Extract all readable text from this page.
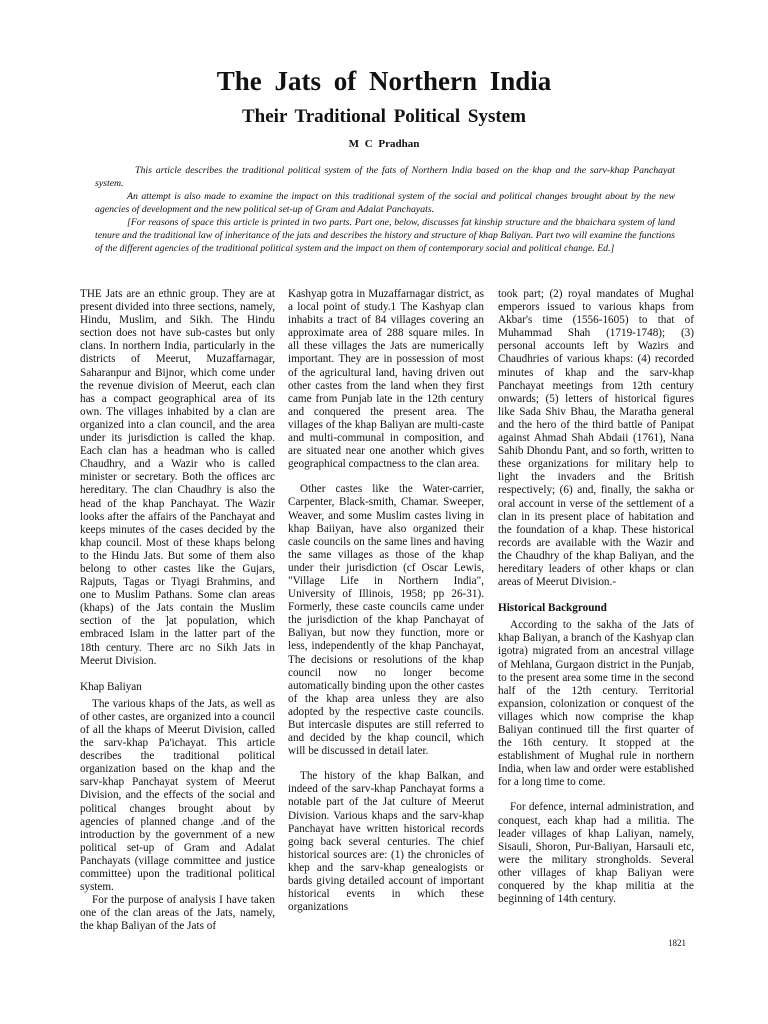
The Jats of Northern India
Their Traditional Political System
M C Pradhan

This article describes the traditional political system of the fats of Northern India based on the khap and the sarv-khap Panchayat system.

An attempt is also made to examine the impact on this traditional system of the social and political changes brought about by the new agencies of development and the new political set-up of Gram and Adalat Panchayats.

[For reasons of space this article is printed in two parts. Part one, below, discusses fat kinship structure and the bhaichara system of land tenure and the traditional law of inheritance of the jats and describes the history and structure of khap Baliyan. Part two will examine the functions of the different agencies of the traditional political system and the impact on them of contemporary social and political change. Ed.]

THE Jats are an ethnic group. They are at present divided into three sections, namely, Hindu, Muslim, and Sikh. The Hindu section does not have sub-castes but only clans. In northern India, particularly in the districts of Meerut, Muzaffarnagar, Saharanpur and Bijnor, which come under the revenue division of Meerut, each clan has a compact geographical area of its own. The villages inhabited by a clan are organized into a clan council, and the area under its jurisdiction is called the khap. Each clan has a headman who is called Chaudhry, and a Wazir who is called minister or secretary. Both the offices arc hereditary. The clan Chaudhry is also the head of the khap Panchayat. The Wazir looks after the affairs of the Panchayat and keeps minutes of the cases decided by the khap council. Most of these khaps belong to the Hindu Jats. But some of them also belong to other castes like the Gujars, Rajputs, Tagas or Tiyagi Brahmins, and one to Muslim Pathans. Some clan areas (khaps) of the Jats contain the Muslim section of the ]at population, which embraced Islam in the latter part of the 18th century. There arc no Sikh Jats in Meerut Division.

Khap Baliyan

The various khaps of the Jats, as well as of other castes, are organized into a council of all the khaps of Meerut Division, called the sarv-khap Pa'ichayat. This article describes the traditional political organization based on the khap and the sarv-khap Panchayat system of Meerut Division, and the effects of the social and political changes brought about by agencies of planned change .and of the introduction by the government of a new political set-up of Gram and Adalat Panchayats (village committee and justice committee) upon the traditional political system.

For the purpose of analysis I have taken one of the clan areas of the Jats, namely, the khap Baliyan of the Jats of

Kashyap gotra in Muzaffarnagar district, as a local point of study.1 The Kashyap clan inhabits a tract of 84 villages covering an approximate area of 288 square miles. In all these villages the Jats are numerically important. They are in possession of most of the agricultural land, having driven out other castes from the land when they first came from Punjab late in the 12th century and conquered the present area. The villages of the khap Baliyan are multi-caste and multi-communal in composition, and are situated near one another which gives geographical compactness to the clan area.

Other castes like the Water-carrier, Carpenter, Black-smith, Chamar. Sweeper, Weaver, and some Muslim castes living in khap Baiiyan, have also organized their casle councils on the same lines and having the same villages as those of the khap under their jurisdiction (cf Oscar Lewis, "Village Life in Northern India", University of Illinois, 1958; pp 26-31). Formerly, these caste councils came under the jurisdiction of the khap Panchayat of Baliyan, but now they function, more or less, independently of the khap Panchayat, The decisions or resolutions of the khap council now no longer become automatically binding upon the other castes of the khap area unless they are also adopted by the respective caste councils. But intercasle disputes are still referred to and decided by the khap council, which will be discussed in detail later.

The history of the khap Balkan, and indeed of the sarv-khap Panchayat forms a notable part of the Jat culture of Meerut Division. Various khaps and the sarv-khap Panchayat have written historical records going back several centuries. The chief historical sources are: (1) the chronicles of khep and the sarv-khap genealogists or bards giving detailed account of important historical events in which these organizations

took part; (2) royal mandates of Mughal emperors issued to various khaps from Akbar's time (1556-1605) to that of Muhammad Shah (1719-1748); (3) personal accounts left by Wazirs and Chaudhries of various khaps: (4) recorded minutes of khap and the sarv-khap Panchayat meetings from 12th century onwards; (5) letters of historical figures like Sada Shiv Bhau, the Maratha general and the hero of the third battle of Panipat against Ahmad Shah Abdaii (1761), Nana Sahib Dhondu Pant, and so forth, written to these organizations for military help to light the invaders and the British respectively; (6) and, finally, the sakha or oral account in verse of the settlement of a clan in its present place of habitation and the foundation of a khap. These historical records are available with the Wazir and the Chaudhry of the khap Baliyan, and the hereditary leaders of other khaps or clan areas of Meerut Division.-

Historical Background

According to the sakha of the Jats of khap Baliyan, a branch of the Kashyap clan igotra) migrated from an ancestral village of Mehlana, Gurgaon district in the Punjab, to the present area some time in the second half of the 12th century. Territorial expansion, colonization or conquest of the villages which now comprise the khap Baliyan continued till the first quarter of the 16th century. It stopped at the establishment of Mughal rule in northern India, when law and order were established for a long time to come.

For defence, internal administration, and conquest, each khap had a militia. The leader villages of khap Laliyan, namely, Sisauli, Shoron, Pur-Baliyan, Harsauli etc, were the military strongholds. Several other villages of khap Baliyan were conquered by the khap militia at the beginning of 14th century.

1821
